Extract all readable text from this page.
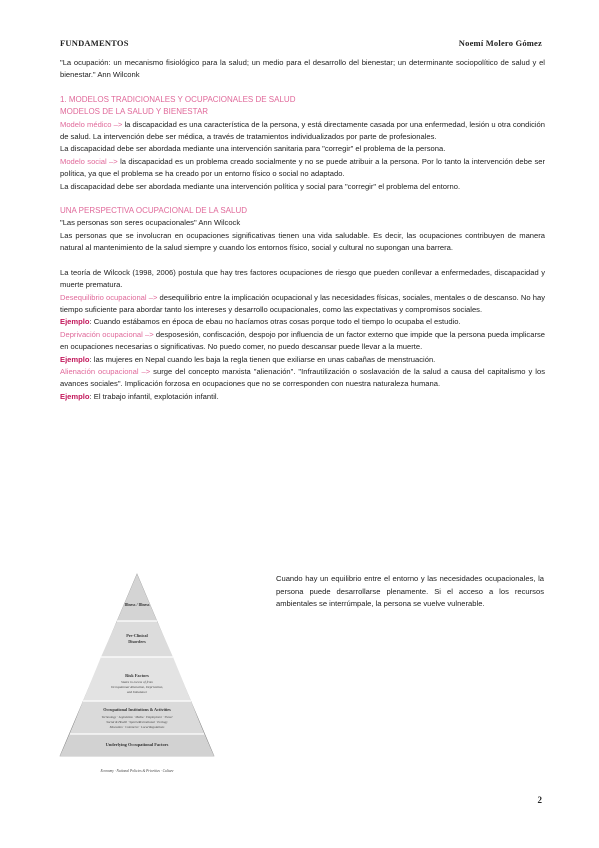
FUNDAMENTOS	Noemí Molero Gómez

"La ocupación: un mecanismo fisiológico para la salud; un medio para el desarrollo del bienestar; un determinante sociopolítico de salud y el bienestar." Ann Wilconk

1. MODELOS TRADICIONALES Y OCUPACIONALES DE SALUD

MODELOS DE LA SALUD Y BIENESTAR

Modelo médico –> la discapacidad es una característica de la persona, y está directamente casada por una enfermedad, lesión u otra condición de salud. La intervención debe ser médica, a través de tratamientos individualizados por parte de profesionales.

La discapacidad debe ser abordada mediante una intervención sanitaria para "corregir" el problema de la persona.

Modelo social –> la discapacidad es un problema creado socialmente y no se puede atribuir a la persona. Por lo tanto la intervención debe ser política, ya que el problema se ha creado por un entorno físico o social no adaptado.

La discapacidad debe ser abordada mediante una intervención política y social para "corregir" el problema del entorno.

UNA PERSPECTIVA OCUPACIONAL DE LA SALUD

"Las personas son seres ocupacionales" Ann Wilcock

Las personas que se involucran en ocupaciones significativas tienen una vida saludable. Es decir, las ocupaciones contribuyen de manera natural al mantenimiento de la salud siempre y cuando los entornos físico, social y cultural no supongan una barrera.

La teoría de Wilcock (1998, 2006) postula que hay tres factores ocupaciones de riesgo que pueden conllevar a enfermedades, discapacidad y muerte prematura.

Desequilibrio ocupacional –> desequilibrio entre la implicación ocupacional y las necesidades físicas, sociales, mentales o de descanso. No hay tiempo suficiente para abordar tanto los intereses y desarrollo ocupacionales, como las expectativas y compromisos sociales.

Ejemplo: Cuando estábamos en época de ebau no hacíamos otras cosas porque todo el tiempo lo ocupaba el estudio.

Deprivación ocupacional –> desposesión, confiscación, despojo por influencia de un factor externo que impide que la persona pueda implicarse en ocupaciones necesarias o significativas. No puedo comer, no puedo descansar puede llevar a la muerte.

Ejemplo: las mujeres en Nepal cuando les baja la regla tienen que exiliarse en unas cabañas de menstruación.

Alienación ocupacional –> surge del concepto marxista "alienación". "Infrautilización o soslavación de la salud a causa del capitalismo y los avances sociales". Implicación forzosa en ocupaciones que no se corresponden con nuestra naturaleza humana.

Ejemplo: El trabajo infantil, explotación infantil.

Illness / Illness
Pre-Clinical
Disorders
Risk Factors
States in excess of from
Occupational Alienation, Deprivation,
and Imbalance
Occupational Institutions & Activities
Technology · Legislation · Media · Employment · Travel
Social & Health · Sports/Recreational · Ecology
Education · Commerce · Local Regulations
Underlying Occupational Factors
Economy · National Policies & Priorities · Culture
Cuando hay un equilibrio entre el entorno y las necesidades ocupacionales, la persona puede desarrollarse plenamente. Si el acceso a los recursos ambientales se interrúmpale, la persona se vuelve vulnerable.
2
